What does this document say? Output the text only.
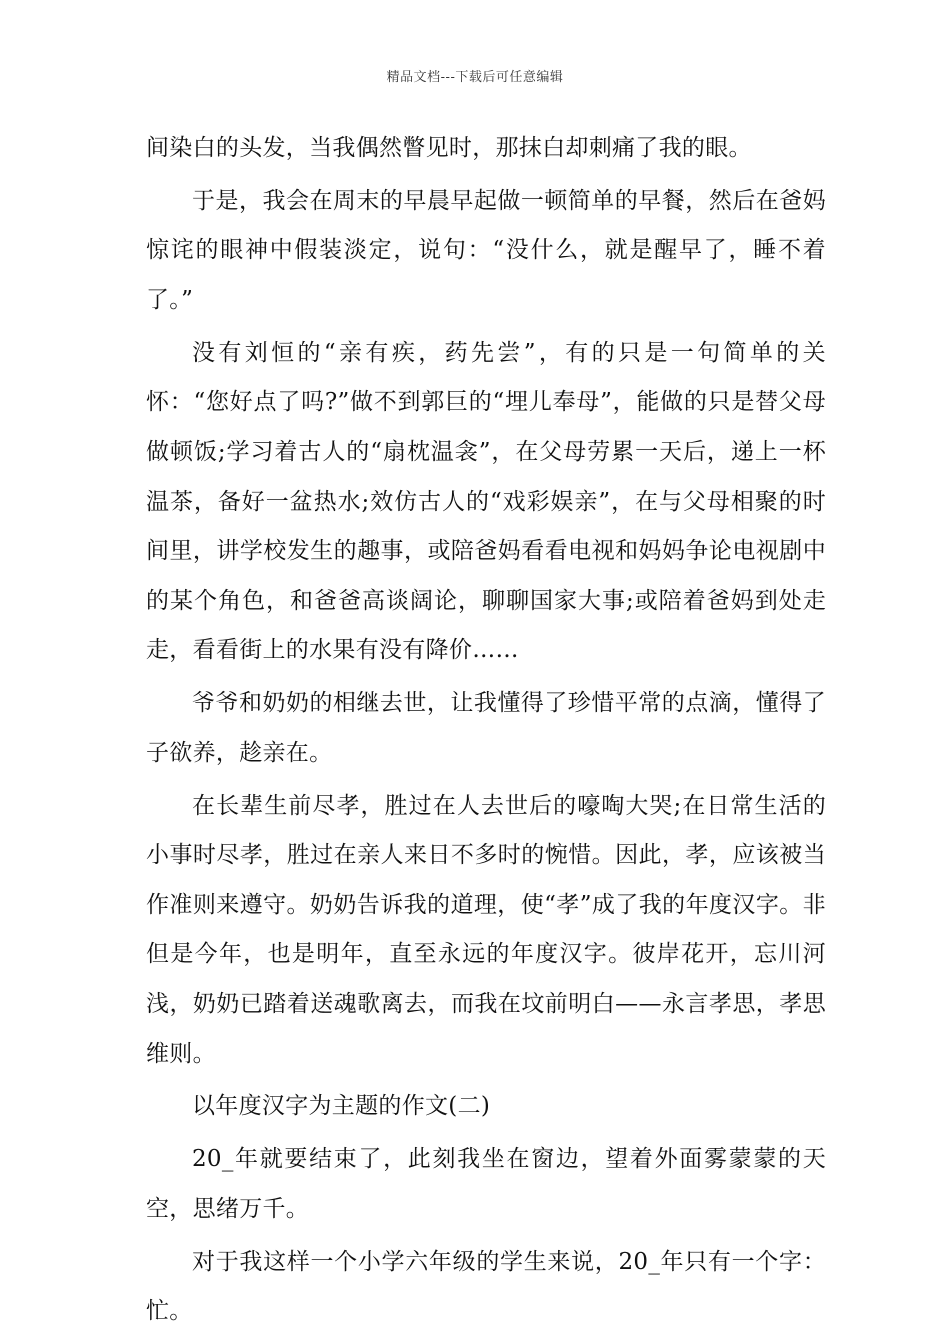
精品文档---下载后可任意编辑

间染白的头发，当我偶然瞥见时，那抹白却刺痛了我的眼。

于是，我会在周末的早晨早起做一顿简单的早餐，然后在爸妈惊诧的眼神中假装淡定，说句：“没什么，就是醒早了，睡不着了。”

没有刘恒的“亲有疾，药先尝”，有的只是一句简单的关怀：“您好点了吗?”做不到郭巨的“埋儿奉母”，能做的只是替父母做顿饭;学习着古人的“扇枕温衾”，在父母劳累一天后，递上一杯温茶，备好一盆热水;效仿古人的“戏彩娱亲”，在与父母相聚的时间里，讲学校发生的趣事，或陪爸妈看看电视和妈妈争论电视剧中的某个角色，和爸爸高谈阔论，聊聊国家大事;或陪着爸妈到处走走，看看街上的水果有没有降价……

爷爷和奶奶的相继去世，让我懂得了珍惜平常的点滴，懂得了子欲养，趁亲在。

在长辈生前尽孝，胜过在人去世后的嚎啕大哭;在日常生活的小事时尽孝，胜过在亲人来日不多时的惋惜。因此，孝，应该被当作准则来遵守。奶奶告诉我的道理，使“孝”成了我的年度汉字。非但是今年，也是明年，直至永远的年度汉字。彼岸花开，忘川河浅，奶奶已踏着送魂歌离去，而我在坟前明白——永言孝思，孝思维则。

以年度汉字为主题的作文(二)

20_年就要结束了，此刻我坐在窗边，望着外面雾蒙蒙的天空，思绪万千。

对于我这样一个小学六年级的学生来说，20_年只有一个字：忙。
